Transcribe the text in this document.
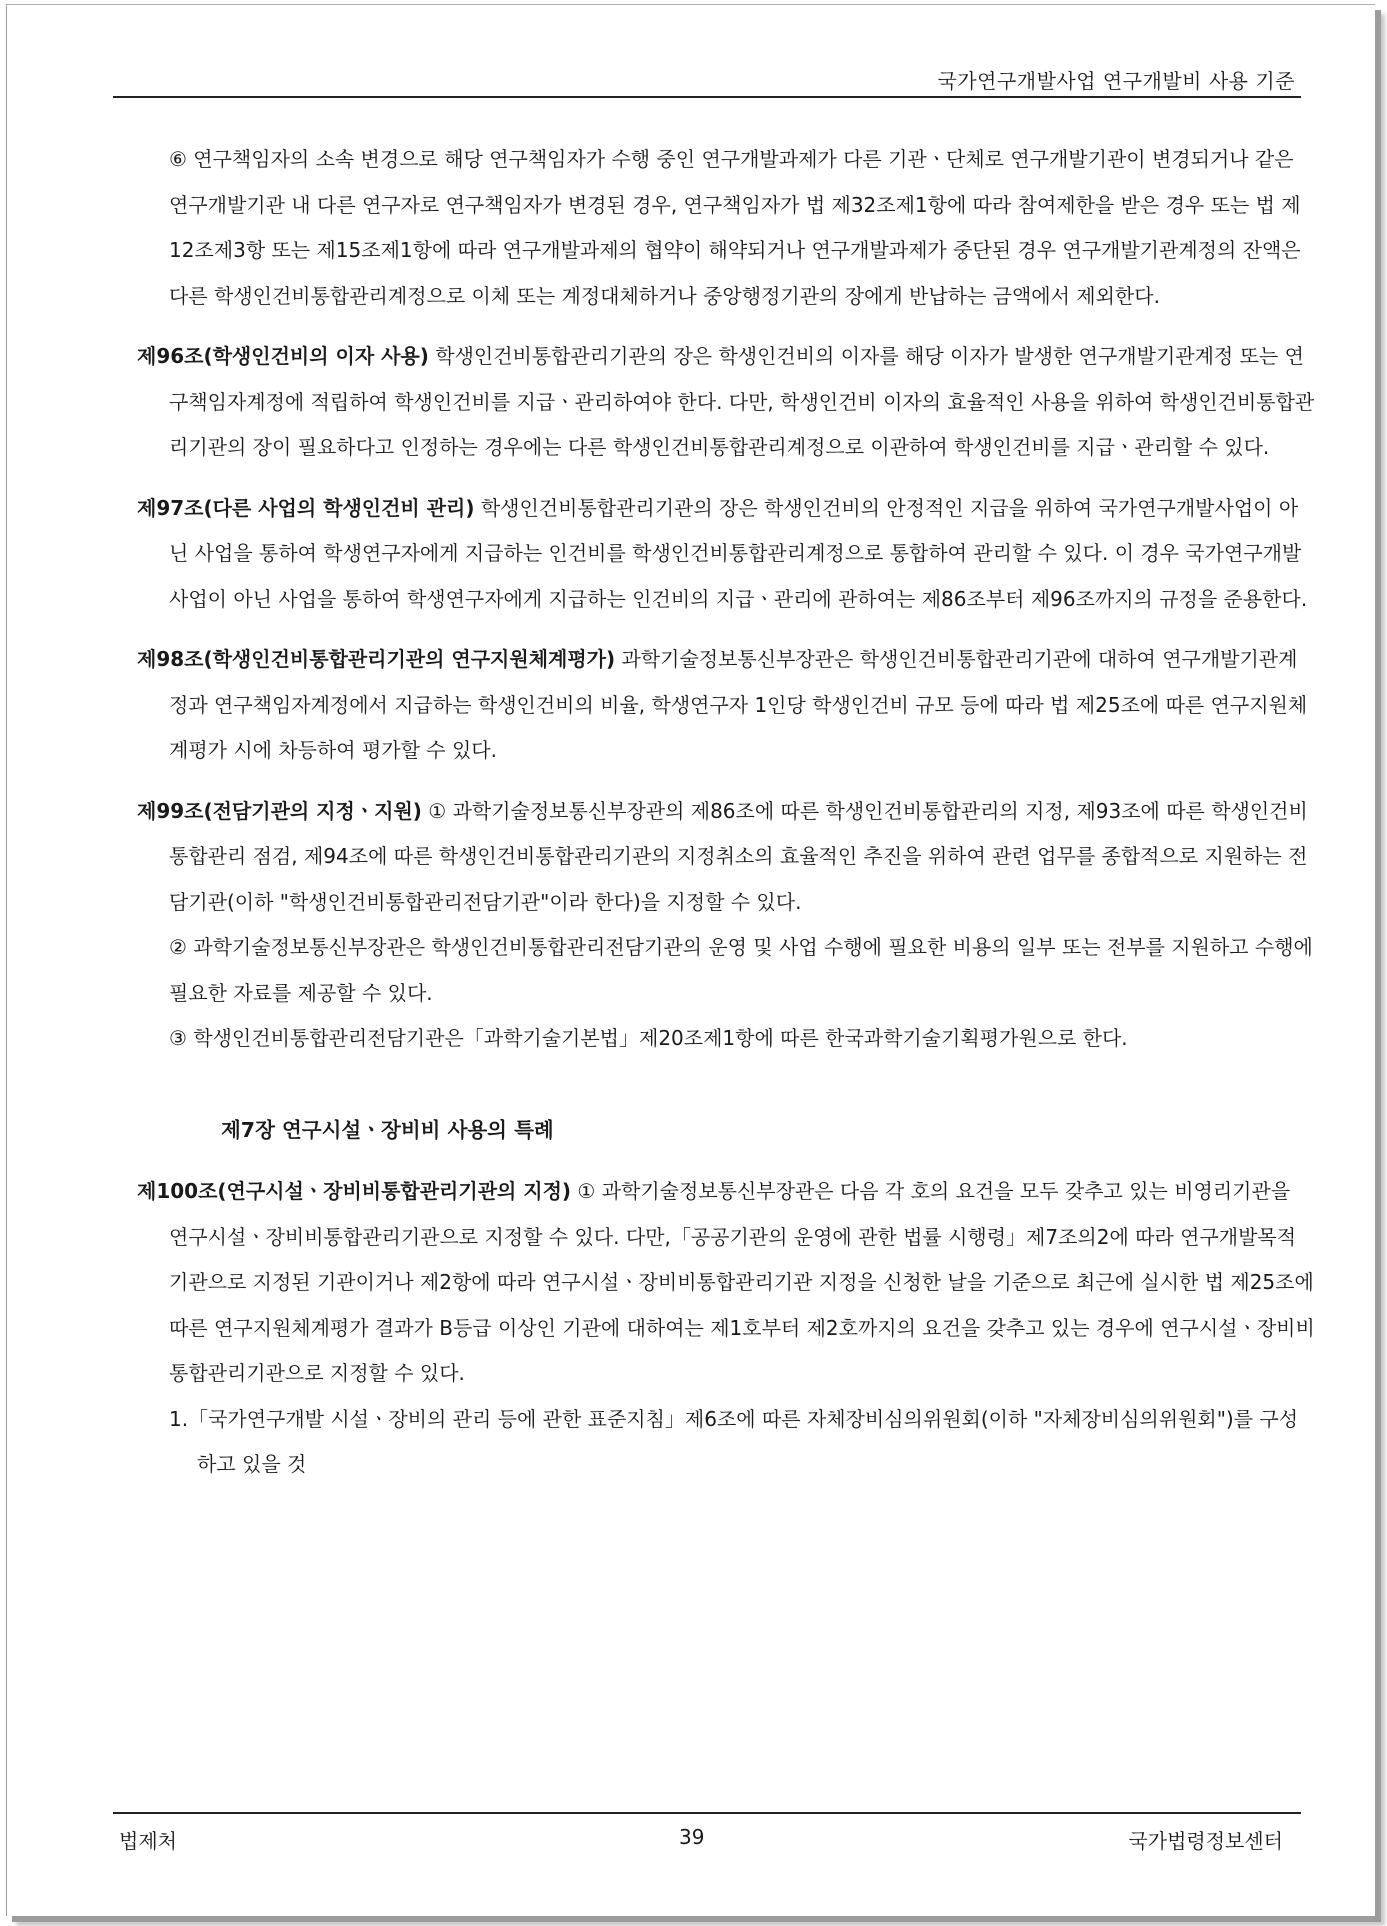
국가연구개발사업 연구개발비 사용 기준

⑥ 연구책임자의 소속 변경으로 해당 연구책임자가 수행 중인 연구개발과제가 다른 기관ㆍ단체로 연구개발기관이 변경되거나 같은 연구개발기관 내 다른 연구자로 연구책임자가 변경된 경우, 연구책임자가 법 제32조제1항에 따라 참여제한을 받은 경우 또는 법 제12조제3항 또는 제15조제1항에 따라 연구개발과제의 협약이 해약되거나 연구개발과제가 중단된 경우 연구개발기관계정의 잔액은 다른 학생인건비통합관리계정으로 이체 또는 계정대체하거나 중앙행정기관의 장에게 반납하는 금액에서 제외한다.

제96조(학생인건비의 이자 사용) 학생인건비통합관리기관의 장은 학생인건비의 이자를 해당 이자가 발생한 연구개발기관계정 또는 연구책임자계정에 적립하여 학생인건비를 지급ㆍ관리하여야 한다. 다만, 학생인건비 이자의 효율적인 사용을 위하여 학생인건비통합관리기관의 장이 필요하다고 인정하는 경우에는 다른 학생인건비통합관리계정으로 이관하여 학생인건비를 지급ㆍ관리할 수 있다.

제97조(다른 사업의 학생인건비 관리) 학생인건비통합관리기관의 장은 학생인건비의 안정적인 지급을 위하여 국가연구개발사업이 아닌 사업을 통하여 학생연구자에게 지급하는 인건비를 학생인건비통합관리계정으로 통합하여 관리할 수 있다. 이 경우 국가연구개발사업이 아닌 사업을 통하여 학생연구자에게 지급하는 인건비의 지급ㆍ관리에 관하여는 제86조부터 제96조까지의 규정을 준용한다.

제98조(학생인건비통합관리기관의 연구지원체계평가) 과학기술정보통신부장관은 학생인건비통합관리기관에 대하여 연구개발기관계정과 연구책임자계정에서 지급하는 학생인건비의 비율, 학생연구자 1인당 학생인건비 규모 등에 따라 법 제25조에 따른 연구지원체계평가 시에 차등하여 평가할 수 있다.

제99조(전담기관의 지정ㆍ지원) ① 과학기술정보통신부장관의 제86조에 따른 학생인건비통합관리의 지정, 제93조에 따른 학생인건비통합관리 점검, 제94조에 따른 학생인건비통합관리기관의 지정취소의 효율적인 추진을 위하여 관련 업무를 종합적으로 지원하는 전담기관(이하 "학생인건비통합관리전담기관"이라 한다)을 지정할 수 있다.

② 과학기술정보통신부장관은 학생인건비통합관리전담기관의 운영 및 사업 수행에 필요한 비용의 일부 또는 전부를 지원하고 수행에 필요한 자료를 제공할 수 있다.

③ 학생인건비통합관리전담기관은「과학기술기본법」제20조제1항에 따른 한국과학기술기획평가원으로 한다.

제7장 연구시설ㆍ장비비 사용의 특례

제100조(연구시설ㆍ장비비통합관리기관의 지정) ① 과학기술정보통신부장관은 다음 각 호의 요건을 모두 갖추고 있는 비영리기관을 연구시설ㆍ장비비통합관리기관으로 지정할 수 있다. 다만,「공공기관의 운영에 관한 법률 시행령」제7조의2에 따라 연구개발목적기관으로 지정된 기관이거나 제2항에 따라 연구시설ㆍ장비비통합관리기관 지정을 신청한 날을 기준으로 최근에 실시한 법 제25조에 따른 연구지원체계평가 결과가 B등급 이상인 기관에 대하여는 제1호부터 제2호까지의 요건을 갖추고 있는 경우에 연구시설ㆍ장비비통합관리기관으로 지정할 수 있다.

1.「국가연구개발 시설ㆍ장비의 관리 등에 관한 표준지침」제6조에 따른 자체장비심의위원회(이하 "자체장비심의위원회")를 구성하고 있을 것

법제처	39	국가법령정보센터
